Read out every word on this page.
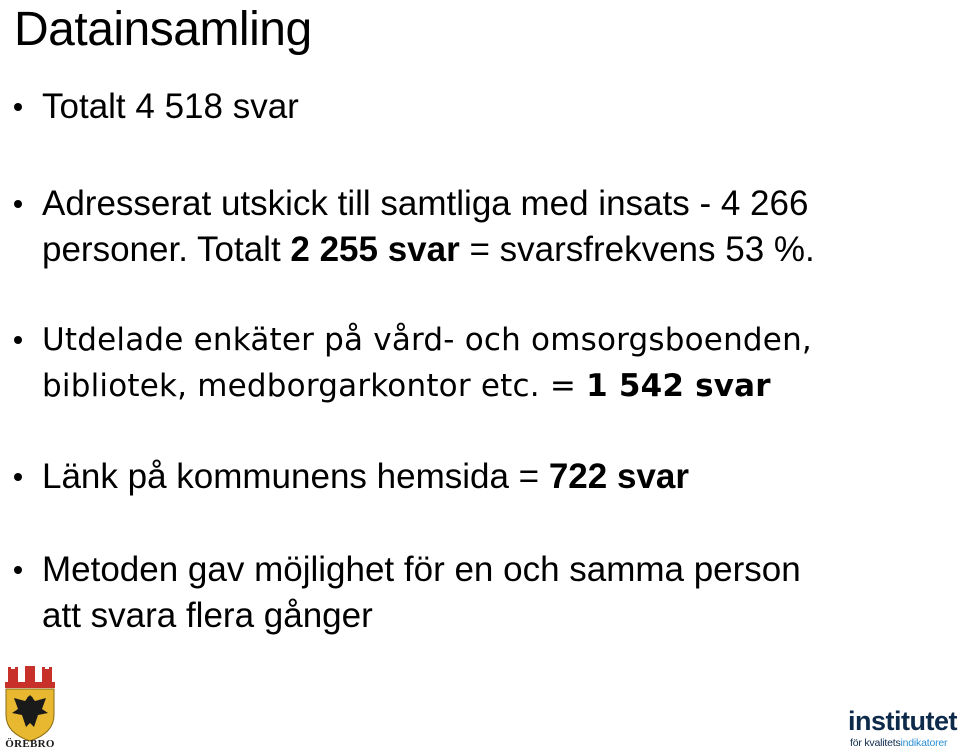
Datainsamling
Totalt 4 518 svar
Adresserat utskick till samtliga med insats - 4 266
personer. Totalt 2 255 svar = svarsfrekvens 53 %.
Utdelade enkäter på vård- och omsorgsboenden,
bibliotek, medborgarkontor etc. = 1 542 svar
Länk på kommunens hemsida = 722 svar
Metoden gav möjlighet för en och samma person
att svara flera gånger
ÖREBRO
institutet
för kvalitetsindikatorer
